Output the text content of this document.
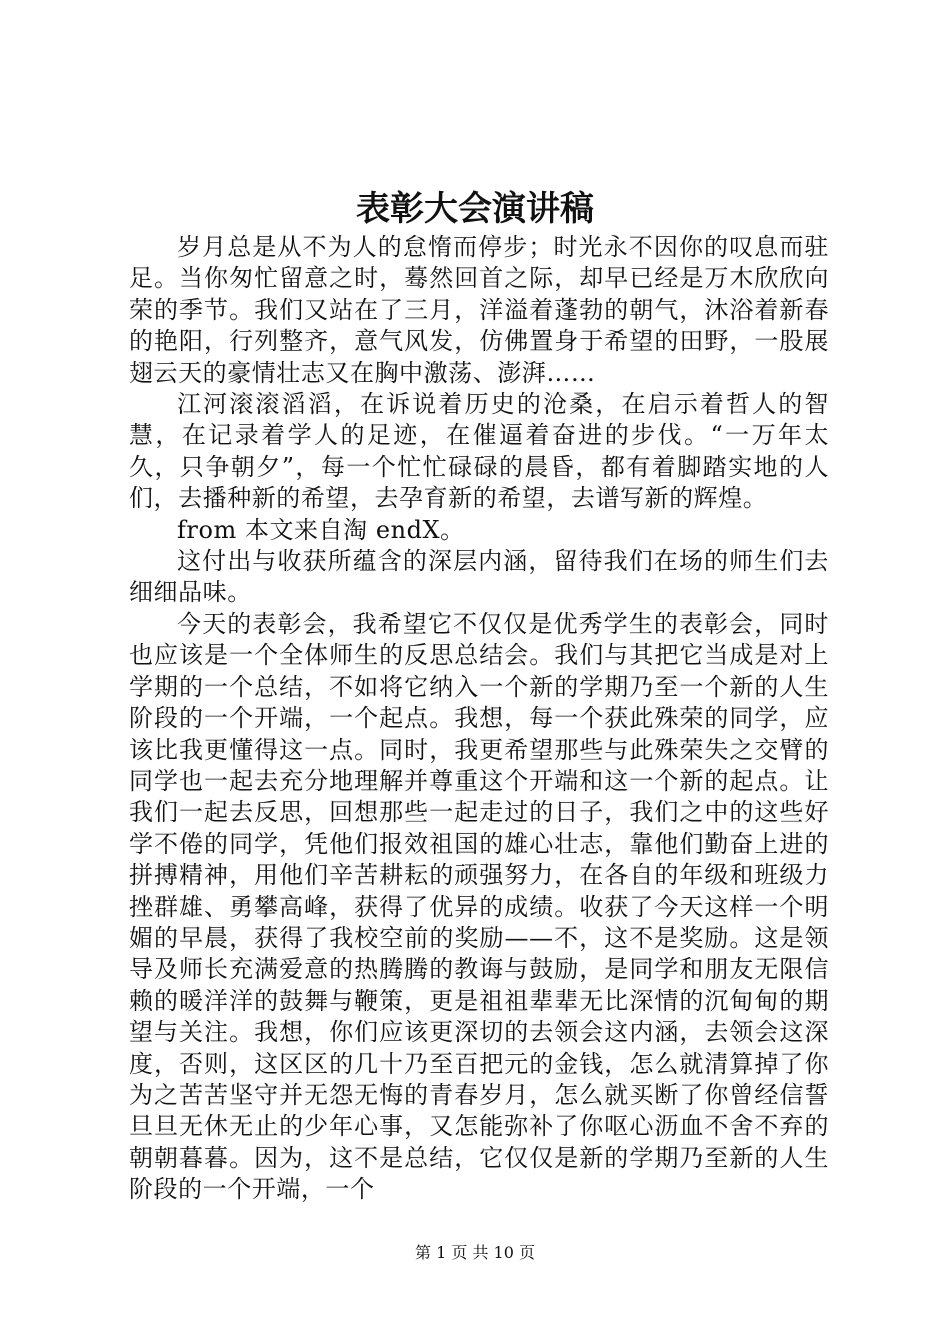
表彰大会演讲稿

岁月总是从不为人的怠惰而停步；时光永不因你的叹息而驻足。当你匆忙留意之时，蓦然回首之际，却早已经是万木欣欣向荣的季节。我们又站在了三月，洋溢着蓬勃的朝气，沐浴着新春的艳阳，行列整齐，意气风发，仿佛置身于希望的田野，一股展翅云天的豪情壮志又在胸中激荡、澎湃……

江河滚滚滔滔，在诉说着历史的沧桑，在启示着哲人的智慧，在记录着学人的足迹，在催逼着奋进的步伐。“一万年太久，只争朝夕”，每一个忙忙碌碌的晨昏，都有着脚踏实地的人们，去播种新的希望，去孕育新的希望，去谱写新的辉煌。

from 本文来自淘 endX。

这付出与收获所蕴含的深层内涵，留待我们在场的师生们去细细品味。

今天的表彰会，我希望它不仅仅是优秀学生的表彰会，同时也应该是一个全体师生的反思总结会。我们与其把它当成是对上学期的一个总结，不如将它纳入一个新的学期乃至一个新的人生阶段的一个开端，一个起点。我想，每一个获此殊荣的同学，应该比我更懂得这一点。同时，我更希望那些与此殊荣失之交臂的同学也一起去充分地理解并尊重这个开端和这一个新的起点。让我们一起去反思，回想那些一起走过的日子，我们之中的这些好学不倦的同学，凭他们报效祖国的雄心壮志，靠他们勤奋上进的拼搏精神，用他们辛苦耕耘的顽强努力，在各自的年级和班级力挫群雄、勇攀高峰，获得了优异的成绩。收获了今天这样一个明媚的早晨，获得了我校空前的奖励——不，这不是奖励。这是领导及师长充满爱意的热腾腾的教诲与鼓励，是同学和朋友无限信赖的暖洋洋的鼓舞与鞭策，更是祖祖辈辈无比深情的沉甸甸的期望与关注。我想，你们应该更深切的去领会这内涵，去领会这深度，否则，这区区的几十乃至百把元的金钱，怎么就清算掉了你为之苦苦坚守并无怨无悔的青春岁月，怎么就买断了你曾经信誓旦旦无休无止的少年心事，又怎能弥补了你呕心沥血不舍不弃的朝朝暮暮。因为，这不是总结，它仅仅是新的学期乃至新的人生阶段的一个开端，一个

第 1 页 共 10 页
